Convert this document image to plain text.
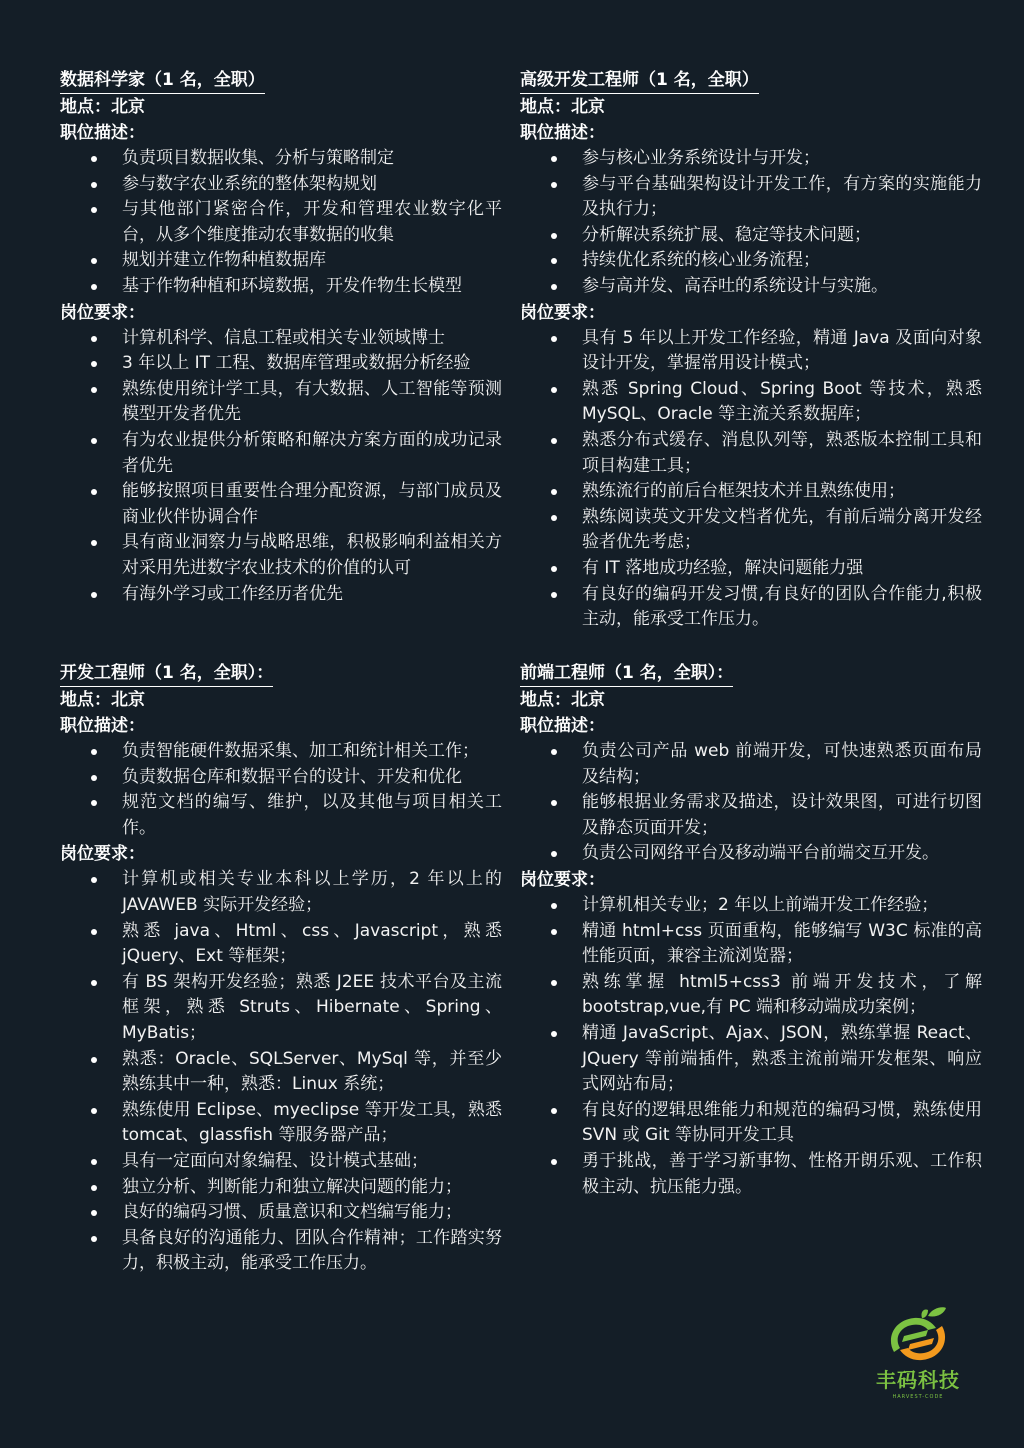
数据科学家（1 名，全职）
地点：北京
职位描述：
负责项目数据收集、分析与策略制定
参与数字农业系统的整体架构规划
与其他部门紧密合作，开发和管理农业数字化平台，从多个维度推动农事数据的收集
规划并建立作物种植数据库
基于作物种植和环境数据，开发作物生长模型
岗位要求：
计算机科学、信息工程或相关专业领域博士
3 年以上 IT 工程、数据库管理或数据分析经验
熟练使用统计学工具，有大数据、人工智能等预测模型开发者优先
有为农业提供分析策略和解决方案方面的成功记录者优先
能够按照项目重要性合理分配资源，与部门成员及商业伙伴协调合作
具有商业洞察力与战略思维，积极影响利益相关方对采用先进数字农业技术的价值的认可
有海外学习或工作经历者优先
高级开发工程师（1 名，全职）
地点：北京
职位描述：
参与核心业务系统设计与开发；
参与平台基础架构设计开发工作，有方案的实施能力及执行力；
分析解决系统扩展、稳定等技术问题；
持续优化系统的核心业务流程；
参与高并发、高吞吐的系统设计与实施。
岗位要求：
具有 5 年以上开发工作经验，精通 Java 及面向对象设计开发，掌握常用设计模式；
熟悉 Spring Cloud、Spring Boot 等技术，熟悉 MySQL、Oracle 等主流关系数据库；
熟悉分布式缓存、消息队列等，熟悉版本控制工具和项目构建工具；
熟练流行的前后台框架技术并且熟练使用；
熟练阅读英文开发文档者优先，有前后端分离开发经验者优先考虑；
有 IT 落地成功经验，解决问题能力强
有良好的编码开发习惯,有良好的团队合作能力,积极主动，能承受工作压力。
开发工程师（1 名，全职）：
地点：北京
职位描述：
负责智能硬件数据采集、加工和统计相关工作；
负责数据仓库和数据平台的设计、开发和优化
规范文档的编写、维护，以及其他与项目相关工作。
岗位要求：
计算机或相关专业本科以上学历，2 年以上的 JAVAWEB 实际开发经验；
熟悉 java、Html、css、Javascript，熟悉 jQuery、Ext 等框架；
有 BS 架构开发经验；熟悉 J2EE 技术平台及主流框架，熟悉 Struts、Hibernate、Spring、MyBatis；
熟悉：Oracle、SQLServer、MySql 等，并至少熟练其中一种，熟悉：Linux 系统；
熟练使用 Eclipse、myeclipse 等开发工具，熟悉 tomcat、glassfish 等服务器产品；
具有一定面向对象编程、设计模式基础；
独立分析、判断能力和独立解决问题的能力；
良好的编码习惯、质量意识和文档编写能力；
具备良好的沟通能力、团队合作精神；工作踏实努力，积极主动，能承受工作压力。
前端工程师（1 名，全职）：
地点：北京
职位描述：
负责公司产品 web 前端开发，可快速熟悉页面布局及结构；
能够根据业务需求及描述，设计效果图，可进行切图及静态页面开发；
负责公司网络平台及移动端平台前端交互开发。
岗位要求：
计算机相关专业；2 年以上前端开发工作经验；
精通 html+css 页面重构，能够编写 W3C 标准的高性能页面，兼容主流浏览器；
熟练掌握 html5+css3 前端开发技术，了解 bootstrap,vue,有 PC 端和移动端成功案例；
精通 JavaScript、Ajax、JSON，熟练掌握 React、JQuery 等前端插件，熟悉主流前端开发框架、响应式网站布局；
有良好的逻辑思维能力和规范的编码习惯，熟练使用 SVN 或 Git 等协同开发工具
勇于挑战，善于学习新事物、性格开朗乐观、工作积极主动、抗压能力强。
丰码科技
HARVEST-CODE
